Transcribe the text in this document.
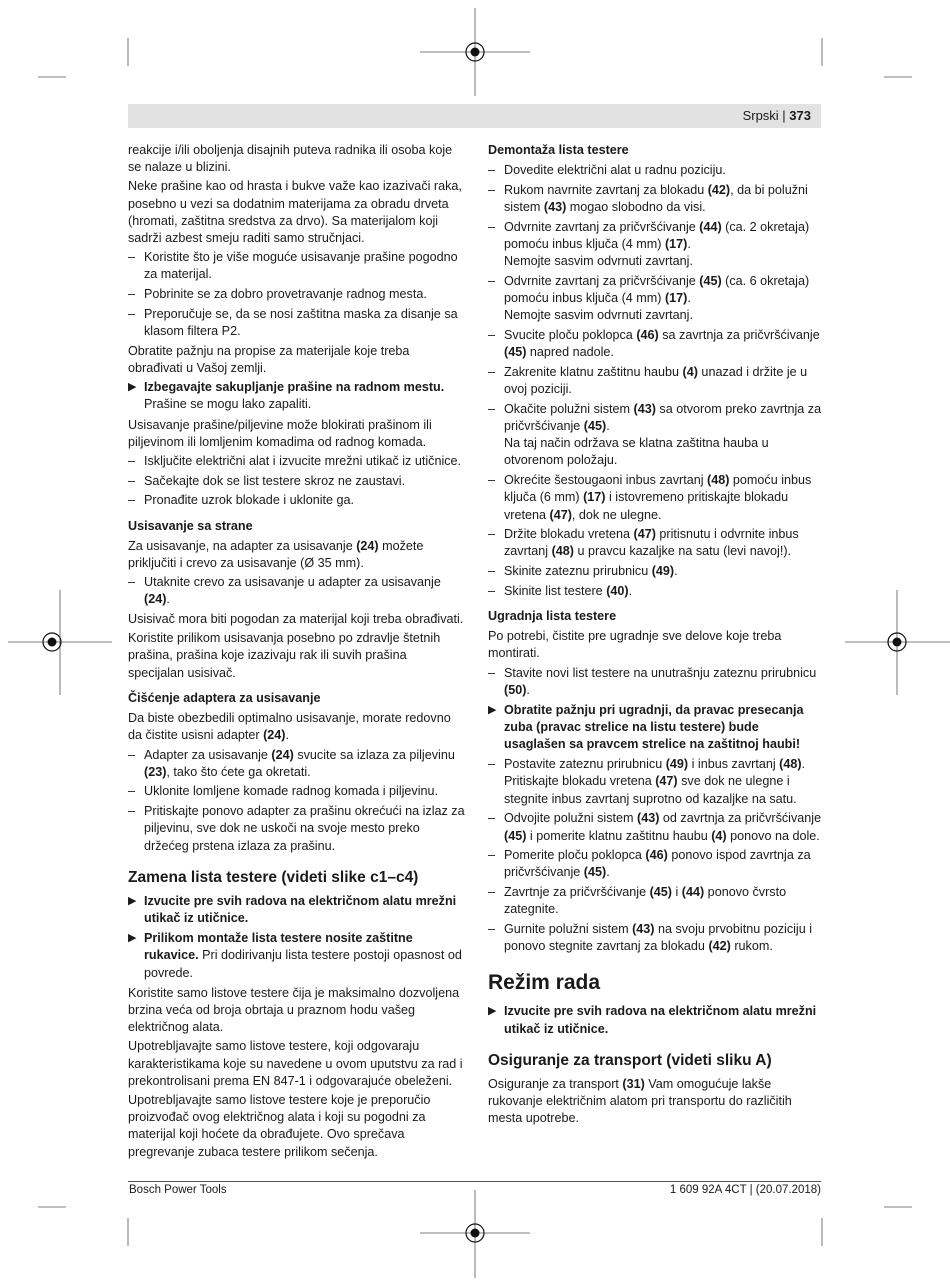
Srpski | 373
reakcije i/ili oboljenja disajnih puteva radnika ili osoba koje se nalaze u blizini.
Neke prašine kao od hrasta i bukve važe kao izazivači raka, posebno u vezi sa dodatnim materijama za obradu drveta (hromati, zaštitna sredstva za drvo). Sa materijalom koji sadrži azbest smeju raditi samo stručnjaci.
– Koristite što je više moguće usisavanje prašine pogodno za materijal.
– Pobrinite se za dobro provetravanje radnog mesta.
– Preporučuje se, da se nosi zaštitna maska za disanje sa klasom filtera P2.
Obratite pažnju na propise za materijale koje treba obrađivati u Vašoj zemlji.
▶ Izbegavajte sakupljanje prašine na radnom mestu. Prašine se mogu lako zapaliti.
Usisavanje prašine/piljevine može blokirati prašinom ili piljevinom ili lomljenim komadima od radnog komada.
– Isključite električni alat i izvucite mrežni utikač iz utičnice.
– Sačekajte dok se list testere skroz ne zaustavi.
– Pronađite uzrok blokade i uklonite ga.
Usisavanje sa strane
Za usisavanje, na adapter za usisavanje (24) možete priključiti i crevo za usisavanje (Ø 35 mm).
– Utaknite crevo za usisavanje u adapter za usisavanje (24).
Usisivač mora biti pogodan za materijal koji treba obrađivati.
Koristite prilikom usisavanja posebno po zdravlje štetnih prašina, prašina koje izazivaju rak ili suvih prašina specijalan usisivač.
Čišćenje adaptera za usisavanje
Da biste obezbedili optimalno usisavanje, morate redovno da čistite usisni adapter (24).
– Adapter za usisavanje (24) svucite sa izlaza za piljevinu (23), tako što ćete ga okretati.
– Uklonite lomljene komade radnog komada i piljevinu.
– Pritiskajte ponovo adapter za prašinu okrećući na izlaz za piljevinu, sve dok ne uskoči na svoje mesto preko držećeg prstena izlaza za prašinu.
Zamena lista testere (videti slike c1–c4)
▶ Izvucite pre svih radova na električnom alatu mrežni utikač iz utičnice.
▶ Prilikom montaže lista testere nosite zaštitne rukavice. Pri dodirivanju lista testere postoji opasnost od povrede.
Koristite samo listove testere čija je maksimalno dozvoljena brzina veća od broja obrtaja u praznom hodu vašeg električnog alata.
Upotrebljavajte samo listove testere, koji odgovaraju karakteristikama koje su navedene u ovom uputstvu za rad i prekontrolisani prema EN 847-1 i odgovarajuće obeleženi.
Upotrebljavajte samo listove testere koje je preporučio proizvođač ovog električnog alata i koji su pogodni za materijal koji hoćete da obrađujete. Ovo sprečava pregrevanje zubaca testere prilikom sečenja.
Demontaža lista testere
– Dovedite električni alat u radnu poziciju.
– Rukom navrnite zavrtanj za blokadu (42), da bi polužni sistem (43) mogao slobodno da visi.
– Odvrnite zavrtanj za pričvršćivanje (44) (ca. 2 okretaja) pomoću inbus ključa (4 mm) (17).
Nemojte sasvim odvrnuti zavrtanj.
– Odvrnite zavrtanj za pričvršćivanje (45) (ca. 6 okretaja) pomoću inbus ključa (4 mm) (17).
Nemojte sasvim odvrnuti zavrtanj.
– Svucite ploču poklopca (46) sa zavrtnja za pričvršćivanje (45) napred nadole.
– Zakrenite klatnu zaštitnu haubu (4) unazad i držite je u ovoj poziciji.
– Okačite polužni sistem (43) sa otvorom preko zavrtnja za pričvršćivanje (45).
Na taj način održava se klatna zaštitna hauba u otvorenom položaju.
– Okrećite šestougaoni inbus zavrtanj (48) pomoću inbus ključa (6 mm) (17) i istovremeno pritiskajte blokadu vretena (47), dok ne ulegne.
– Držite blokadu vretena (47) pritisnutu i odvrnite inbus zavrtanj (48) u pravcu kazaljke na satu (levi navoj!).
– Skinite zateznu prirubnicu (49).
– Skinite list testere (40).
Ugradnja lista testere
Po potrebi, čistite pre ugradnje sve delove koje treba montirati.
– Stavite novi list testere na unutrašnju zateznu prirubnicu (50).
▶ Obratite pažnju pri ugradnji, da pravac presecanja zuba (pravac strelice na listu testere) bude usaglašen sa pravcem strelice na zaštitnoj haubi!
– Postavite zateznu prirubnicu (49) i inbus zavrtanj (48). Pritiskajte blokadu vretena (47) sve dok ne ulegne i stegnite inbus zavrtanj suprotno od kazaljke na satu.
– Odvojite polužni sistem (43) od zavrtnja za pričvršćivanje (45) i pomerite klatnu zaštitnu haubu (4) ponovo na dole.
– Pomerite ploču poklopca (46) ponovo ispod zavrtnja za pričvršćivanje (45).
– Zavrtnje za pričvršćivanje (45) i (44) ponovo čvrsto zategnite.
– Gurnite polužni sistem (43) na svoju prvobitnu poziciju i ponovo stegnite zavrtanj za blokadu (42) rukom.
Režim rada
▶ Izvucite pre svih radova na električnom alatu mrežni utikač iz utičnice.
Osiguranje za transport (videti sliku A)
Osiguranje za transport (31) Vam omogućuje lakše rukovanje električnim alatom pri transportu do različitih mesta upotrebe.
Bosch Power Tools	1 609 92A 4CT | (20.07.2018)
